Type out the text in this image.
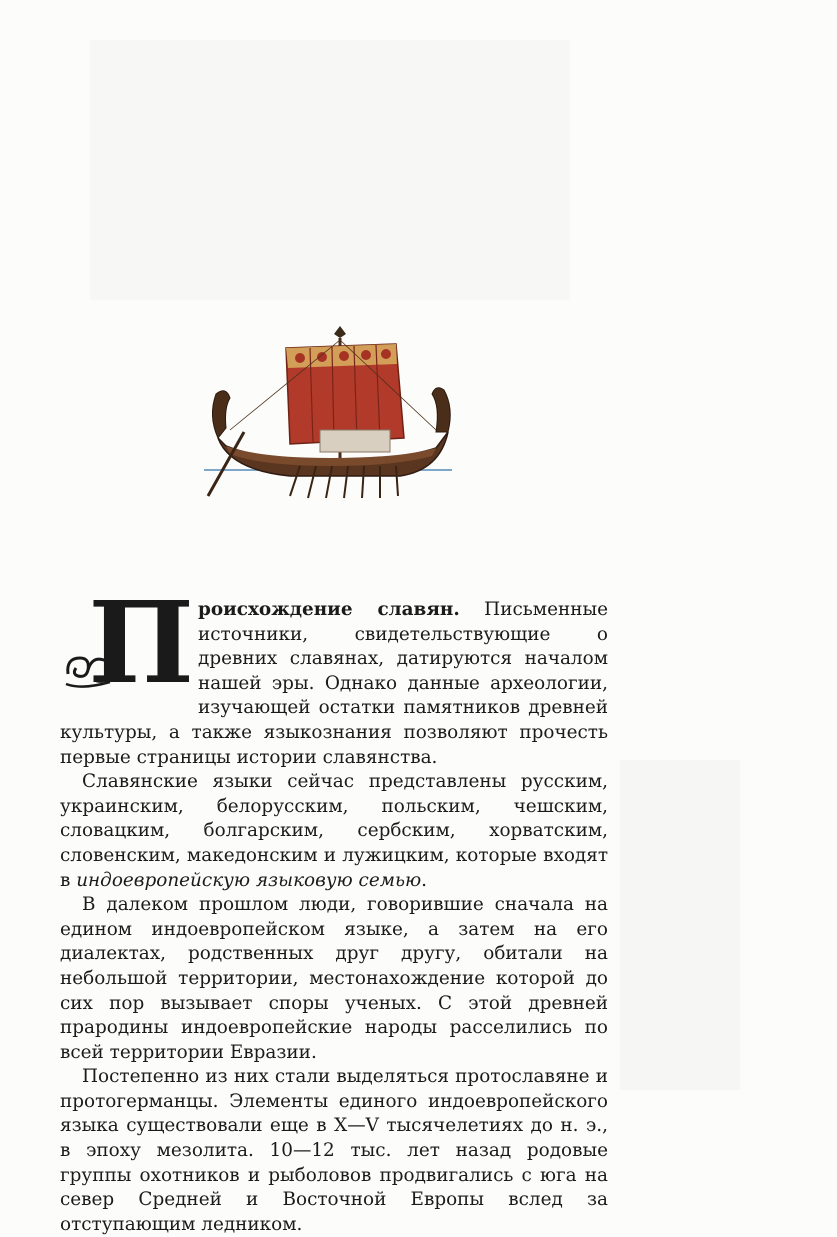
П роисхождение славян. Письменные источники, свидетельствующие о древних славянах, датируются началом нашей эры. Однако данные археологии, изучающей остатки памятников древней культуры, а также языкознания позволяют прочесть первые страницы истории славянства.

Славянские языки сейчас представлены русским, украинским, белорусским, польским, чешским, словацким, болгарским, сербским, хорватским, словенским, македонским и лужицким, которые входят в индоевропейскую языковую семью.

В далеком прошлом люди, говорившие сначала на едином индоевропейском языке, а затем на его диалектах, родственных друг другу, обитали на небольшой территории, местонахождение которой до сих пор вызывает споры ученых. С этой древней прародины индоевропейские народы расселились по всей территории Евразии.

Постепенно из них стали выделяться протославяне и протогерманцы. Элементы единого индоевропейского языка существовали еще в X—V тысячелетиях до н. э., в эпоху мезолита. 10—12 тыс. лет назад родовые группы охотников и рыболовов продвигались с юга на север Средней и Восточной Европы вслед за отступающим ледником.
